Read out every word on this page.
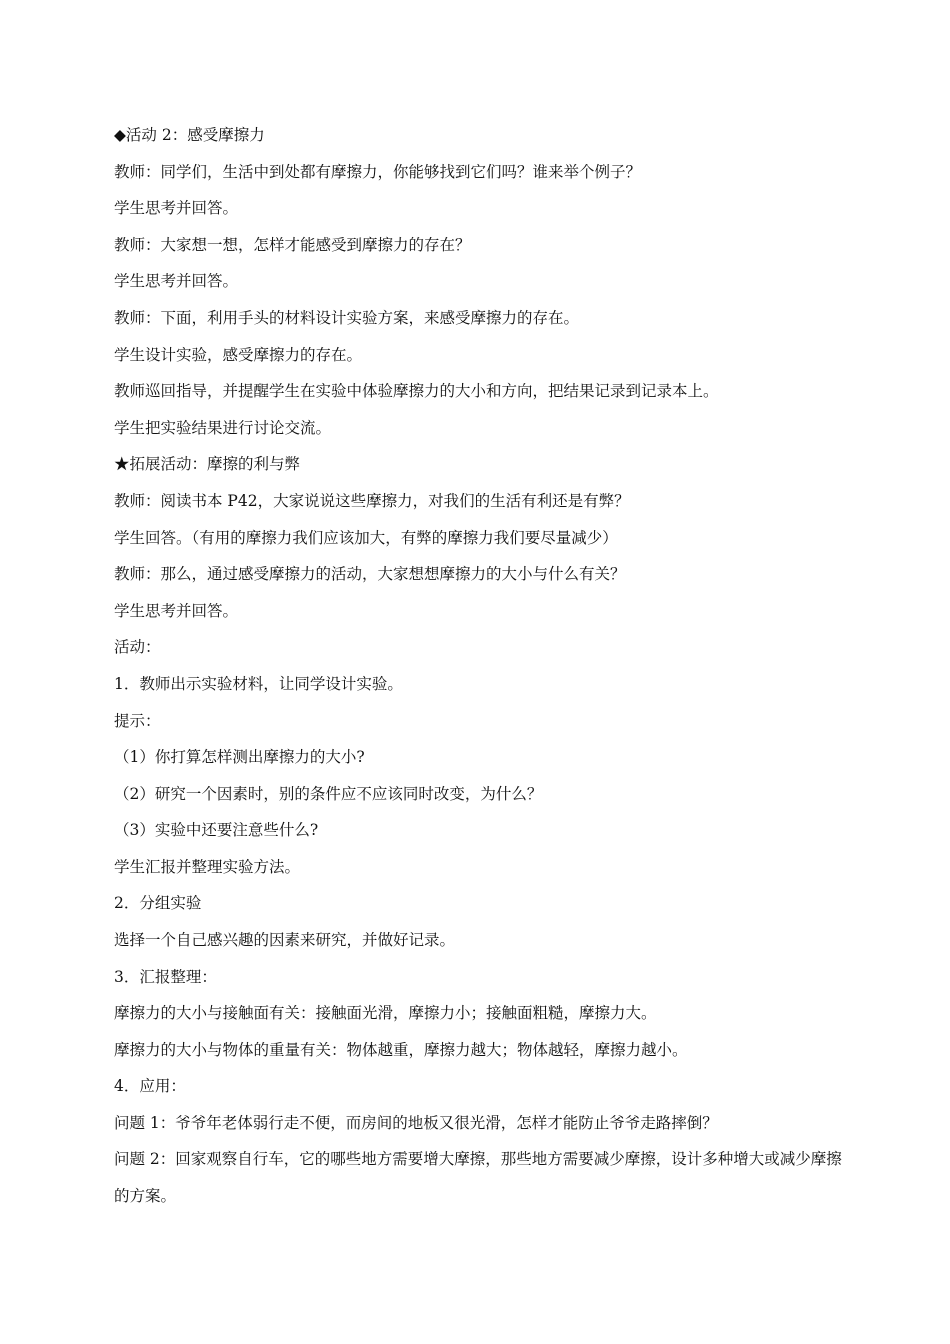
◆活动 2：感受摩擦力
教师：同学们，生活中到处都有摩擦力，你能够找到它们吗？谁来举个例子？
学生思考并回答。
教师：大家想一想，怎样才能感受到摩擦力的存在？
学生思考并回答。
教师：下面，利用手头的材料设计实验方案，来感受摩擦力的存在。
学生设计实验，感受摩擦力的存在。
教师巡回指导，并提醒学生在实验中体验摩擦力的大小和方向，把结果记录到记录本上。
学生把实验结果进行讨论交流。
★拓展活动：摩擦的利与弊
教师：阅读书本 P42，大家说说这些摩擦力，对我们的生活有利还是有弊？
学生回答。（有用的摩擦力我们应该加大，有弊的摩擦力我们要尽量减少）
教师：那么，通过感受摩擦力的活动，大家想想摩擦力的大小与什么有关？
学生思考并回答。
活动：
1．教师出示实验材料，让同学设计实验。
提示：
（1）你打算怎样测出摩擦力的大小?
（2）研究一个因素时，别的条件应不应该同时改变，为什么？
（3）实验中还要注意些什么?
学生汇报并整理实验方法。
2．分组实验
选择一个自己感兴趣的因素来研究，并做好记录。
3．汇报整理：
摩擦力的大小与接触面有关：接触面光滑，摩擦力小；接触面粗糙，摩擦力大。
摩擦力的大小与物体的重量有关：物体越重，摩擦力越大；物体越轻，摩擦力越小。
4．应用：
问题 1：爷爷年老体弱行走不便，而房间的地板又很光滑，怎样才能防止爷爷走路摔倒？
问题 2：回家观察自行车，它的哪些地方需要增大摩擦，那些地方需要减少摩擦，设计多种增大或减少摩擦的方案。
